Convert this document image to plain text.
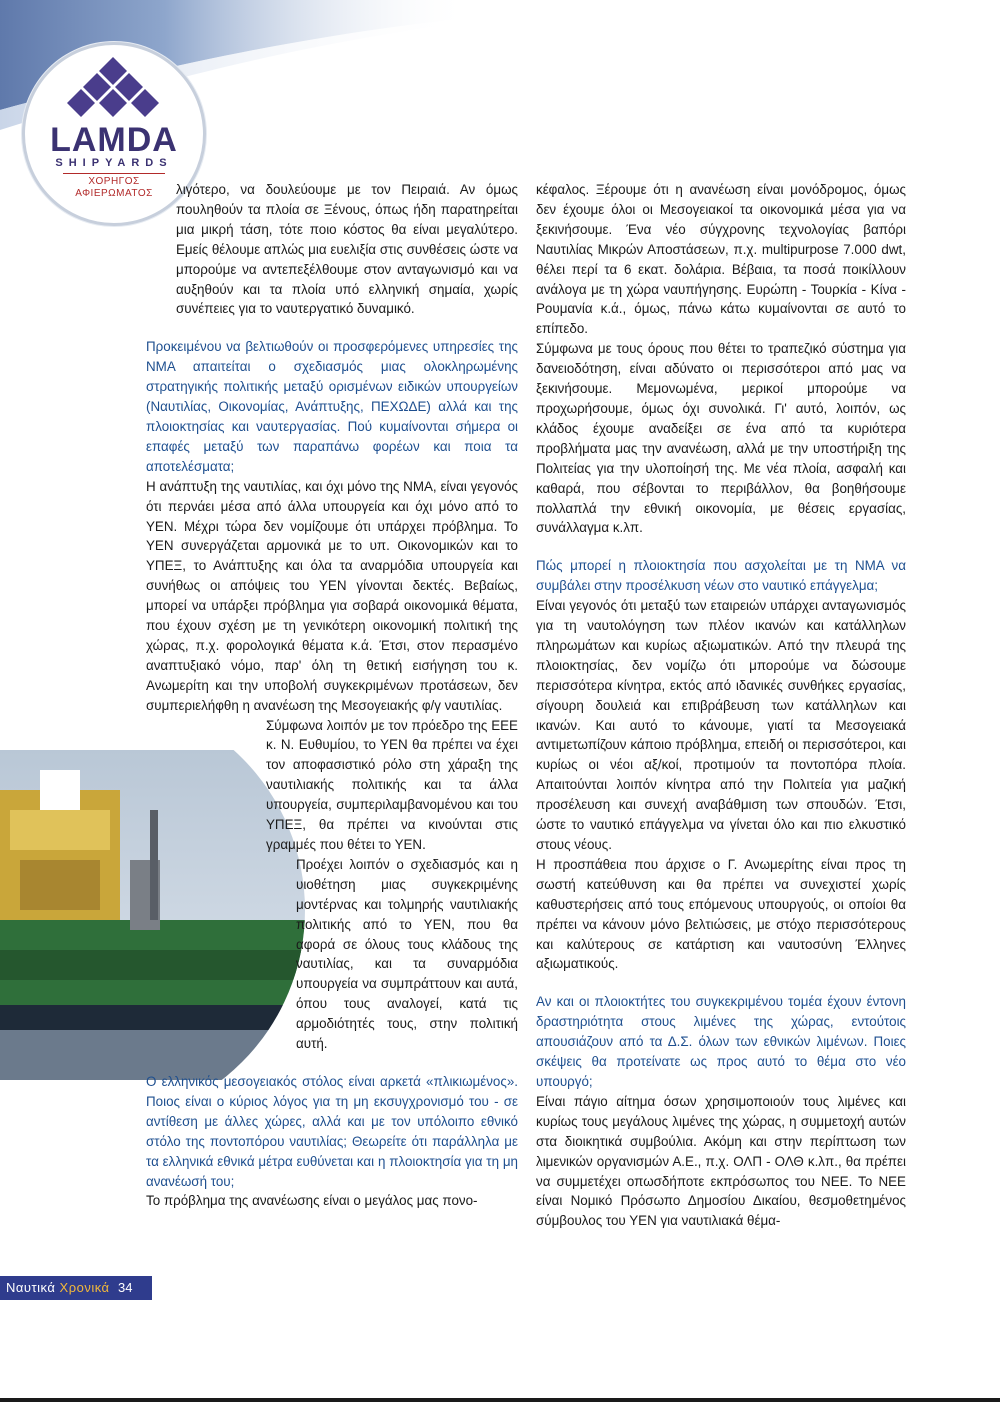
LAMDA
SHIPYARDS
ΧΟΡΗΓΟΣ
ΑΦΙΕΡΩΜΑΤΟΣ	λιγότερο, να δουλεύουμε με τον Πειραιά. Αν όμως πουληθούν τα πλοία σε Ξένους, όπως ήδη παρατηρείται μια μικρή τάση, τότε ποιο κόστος θα είναι μεγαλύτερο. Εμείς θέλουμε απλώς μια ευελιξία στις συνθέσεις ώστε να μπορούμε να αντεπεξέλθουμε στον ανταγωνισμό και να αυξηθούν και τα πλοία υπό ελληνική σημαία, χωρίς συνέπειες για το ναυτεργατικό δυναμικό.

Προκειμένου να βελτιωθούν οι προσφερόμενες υπηρεσίες της ΝΜΑ απαιτείται ο σχεδιασμός μιας ολοκληρωμένης στρατηγικής πολιτικής μεταξύ ορισμένων ειδικών υπουργείων (Ναυτιλίας, Οικονομίας, Ανάπτυξης, ΠΕΧΩΔΕ) αλλά και της πλοιοκτησίας και ναυτεργασίας. Πού κυμαίνονται σήμερα οι επαφές μεταξύ των παραπάνω φορέων και ποια τα αποτελέσματα;

Η ανάπτυξη της ναυτιλίας, και όχι μόνο της ΝΜΑ, είναι γεγονός ότι περνάει μέσα από άλλα υπουργεία και όχι μόνο από το ΥΕΝ. Μέχρι τώρα δεν νομίζουμε ότι υπάρχει πρόβλημα. Το ΥΕΝ συνεργάζεται αρμονικά με το υπ. Οικονομικών και το ΥΠΕΞ, το Ανάπτυξης και όλα τα αναρμόδια υπουργεία και συνήθως οι απόψεις του ΥΕΝ γίνονται δεκτές. Βεβαίως, μπορεί να υπάρξει πρόβλημα για σοβαρά οικονομικά θέματα, που έχουν σχέση με τη γενικότερη οικονομική πολιτική της χώρας, π.χ. φορολογικά θέματα κ.ά. Έτσι, στον περασμένο αναπτυξιακό νόμο, παρ' όλη τη θετική εισήγηση του κ. Ανωμερίτη και την υποβολή συγκεκριμένων προτάσεων, δεν συμπεριελήφθη η ανανέωση της Μεσογειακής φ/γ ναυτιλίας.

Σύμφωνα λοιπόν με τον πρόεδρο της ΕΕΕ κ. Ν. Ευθυμίου, το ΥΕΝ θα πρέπει να έχει τον αποφασιστικό ρόλο στη χάραξη της ναυτιλιακής πολιτικής και τα άλλα υπουργεία, συμπεριλαμβανομένου και του ΥΠΕΞ, θα πρέπει να κινούνται στις γραμμές που θέτει το ΥΕΝ.

Προέχει λοιπόν ο σχεδιασμός και η υιοθέτηση μιας συγκεκριμένης μοντέρνας και τολμηρής ναυτιλιακής πολιτικής από το ΥΕΝ, που θα αφορά σε όλους τους κλάδους της ναυτιλίας, και τα συναρμόδια υπουργεία να συμπράττουν και αυτά, όπου τους αναλογεί, κατά τις αρμοδιότητές τους, στην πολιτική αυτή.

Ο ελληνικός μεσογειακός στόλος είναι αρκετά «πλικιωμένος». Ποιος είναι ο κύριος λόγος για τη μη εκσυγχρονισμό του - σε αντίθεση με άλλες χώρες, αλλά και με τον υπόλοιπο εθνικό στόλο της ποντοπόρου ναυτιλίας; Θεωρείτε ότι παράλληλα με τα ελληνικά εθνικά μέτρα ευθύνεται και η πλοιοκτησία για τη μη ανανέωσή του;

Το πρόβλημα της ανανέωσης είναι ο μεγάλος μας πονο-

κέφαλος. Ξέρουμε ότι η ανανέωση είναι μονόδρομος, όμως δεν έχουμε όλοι οι Μεσογειακοί τα οικονομικά μέσα για να ξεκινήσουμε. Ένα νέο σύγχρονης τεχνολογίας βαπόρι Ναυτιλίας Μικρών Αποστάσεων, π.χ. multipurpose 7.000 dwt, θέλει περί τα 6 εκατ. δολάρια. Βέβαια, τα ποσά ποικίλλουν ανάλογα με τη χώρα ναυπήγησης. Ευρώπη - Τουρκία - Κίνα - Ρουμανία κ.ά., όμως, πάνω κάτω κυμαίνονται σε αυτό το επίπεδο.

Σύμφωνα με τους όρους που θέτει το τραπεζικό σύστημα για δανειοδότηση, είναι αδύνατο οι περισσότεροι από μας να ξεκινήσουμε. Μεμονωμένα, μερικοί μπορούμε να προχωρήσουμε, όμως όχι συνολικά. Γι' αυτό, λοιπόν, ως κλάδος έχουμε αναδείξει σε ένα από τα κυριότερα προβλήματα μας την ανανέωση, αλλά με την υποστήριξη της Πολιτείας για την υλοποίησή της. Με νέα πλοία, ασφαλή και καθαρά, που σέβονται το περιβάλλον, θα βοηθήσουμε πολλαπλά την εθνική οικονομία, με θέσεις εργασίας, συνάλλαγμα κ.λπ.

Πώς μπορεί η πλοιοκτησία που ασχολείται με τη ΝΜΑ να συμβάλει στην προσέλκυση νέων στο ναυτικό επάγγελμα;

Είναι γεγονός ότι μεταξύ των εταιρειών υπάρχει ανταγωνισμός για τη ναυτολόγηση των πλέον ικανών και κατάλληλων πληρωμάτων και κυρίως αξιωματικών. Από την πλευρά της πλοιοκτησίας, δεν νομίζω ότι μπορούμε να δώσουμε περισσότερα κίνητρα, εκτός από ιδανικές συνθήκες εργασίας, σίγουρη δουλειά και επιβράβευση των κατάλληλων και ικανών. Και αυτό το κάνουμε, γιατί τα Μεσογειακά αντιμετωπίζουν κάποιο πρόβλημα, επειδή οι περισσότεροι, και κυρίως οι νέοι αξ/κοί, προτιμούν τα ποντοπόρα πλοία. Απαιτούνται λοιπόν κίνητρα από την Πολιτεία για μαζική προσέλευση και συνεχή αναβάθμιση των σπουδών. Έτσι, ώστε το ναυτικό επάγγελμα να γίνεται όλο και πιο ελκυστικό στους νέους.

Η προσπάθεια που άρχισε ο Γ. Ανωμερίτης είναι προς τη σωστή κατεύθυνση και θα πρέπει να συνεχιστεί χωρίς καθυστερήσεις από τους επόμενους υπουργούς, οι οποίοι θα πρέπει να κάνουν μόνο βελτιώσεις, με στόχο περισσότερους και καλύτερους σε κατάρτιση και ναυτοσύνη Έλληνες αξιωματικούς.

Αν και οι πλοιοκτήτες του συγκεκριμένου τομέα έχουν έντονη δραστηριότητα στους λιμένες της χώρας, εντούτοις απουσιάζουν από τα Δ.Σ. όλων των εθνικών λιμένων. Ποιες σκέψεις θα προτείνατε ως προς αυτό το θέμα στο νέο υπουργό;

Είναι πάγιο αίτημα όσων χρησιμοποιούν τους λιμένες και κυρίως τους μεγάλους λιμένες της χώρας, η συμμετοχή αυτών στα διοικητικά συμβούλια. Ακόμη και στην περίπτωση των λιμενικών οργανισμών Α.Ε., π.χ. ΟΛΠ - ΟΛΘ κ.λπ., θα πρέπει να συμμετέχει οπωσδήποτε εκπρόσωπος του ΝΕΕ. Το ΝΕΕ είναι Νομικό Πρόσωπο Δημοσίου Δικαίου, θεσμοθετημένος σύμβουλος του ΥΕΝ για ναυτιλιακά θέμα-

Ναυτικά Χρονικά 34
